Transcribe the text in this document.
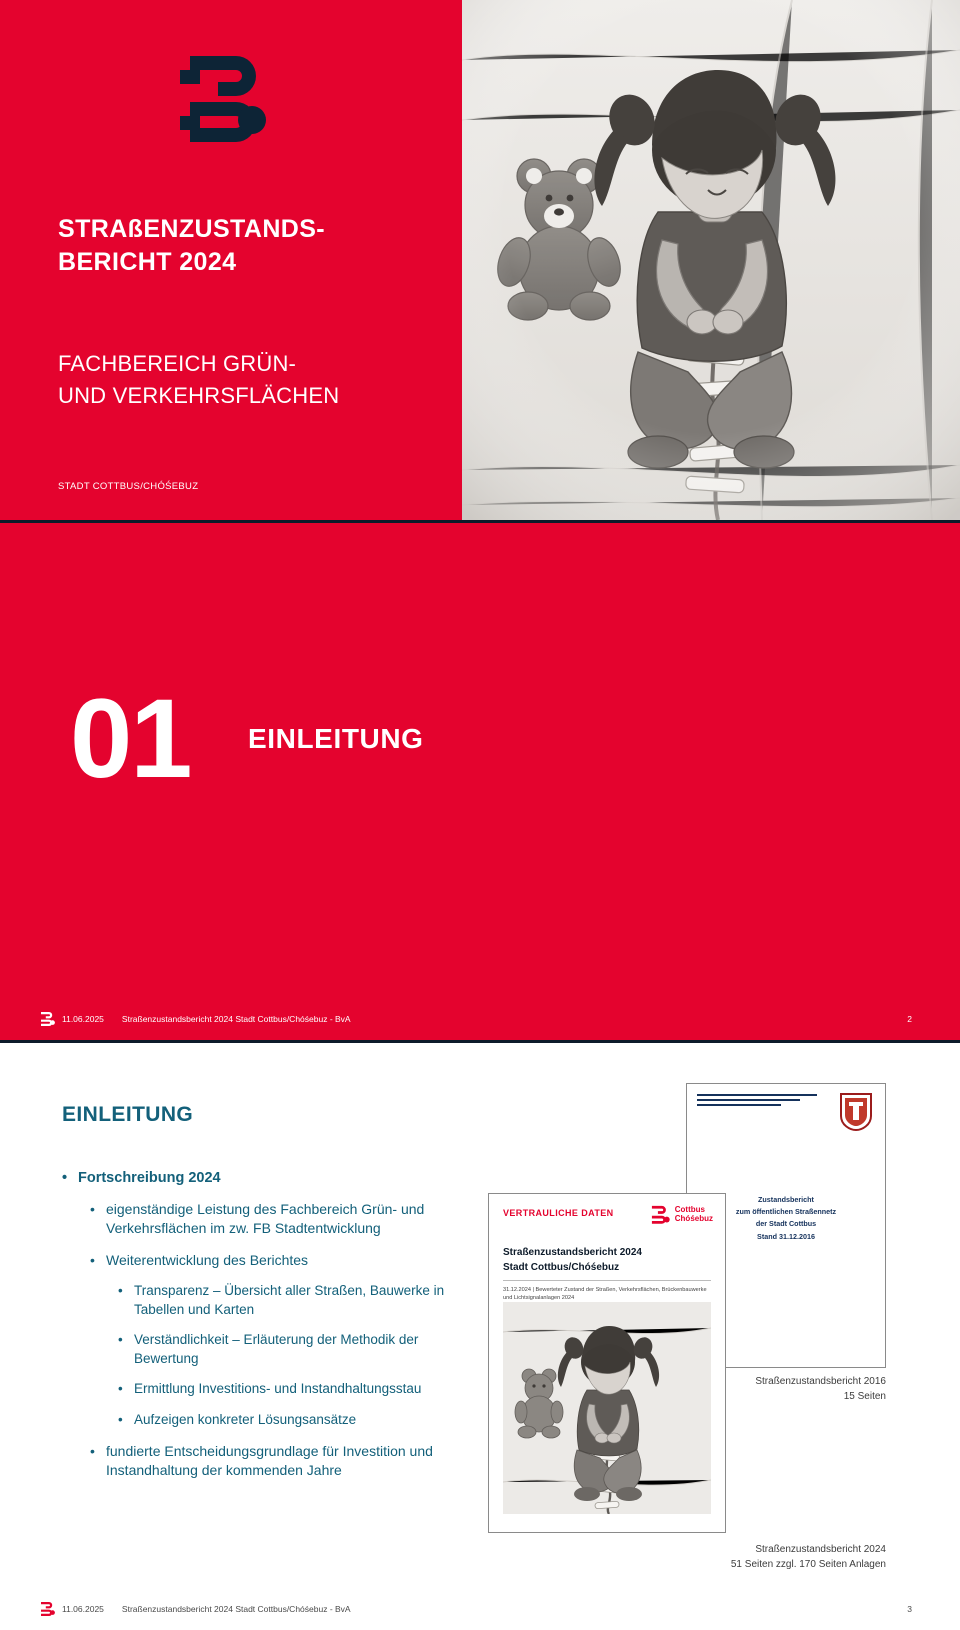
STRAßENZUSTANDS-
BERICHT 2024
FACHBEREICH GRÜN-
UND VERKEHRSFLÄCHEN
STADT COTTBUS/CHÓŚEBUZ
01 EINLEITUNG
11.06.2025 Straßenzustandsbericht 2024 Stadt Cottbus/Chóśebuz - BvA	2
EINLEITUNG
• Fortschreibung 2024
• eigenständige Leistung des Fachbereich Grün- und Verkehrsflächen im zw. FB Stadtentwicklung
• Weiterentwicklung des Berichtes
• Transparenz – Übersicht aller Straßen, Bauwerke in Tabellen und Karten
• Verständlichkeit – Erläuterung der Methodik der Bewertung
• Ermittlung Investitions- und Instandhaltungsstau
• Aufzeigen konkreter Lösungsansätze
• fundierte Entscheidungsgrundlage für Investition und Instandhaltung der kommenden Jahre
Zustandsbericht
zum öffentlichen Straßennetz
der Stadt Cottbus
Stand 31.12.2016
VERTRAULICHE DATEN	Cottbus
Chóśebuz
Straßenzustandsbericht 2024
Stadt Cottbus/Chóśebuz
31.12.2024 | Bewerteter Zustand der Straßen, Verkehrsflächen, Brückenbauwerke und Lichtsignalanlagen 2024
Straßenzustandsbericht 2016
15 Seiten
Straßenzustandsbericht 2024
51 Seiten zzgl. 170 Seiten Anlagen
11.06.2025 Straßenzustandsbericht 2024 Stadt Cottbus/Chóśebuz - BvA	3
